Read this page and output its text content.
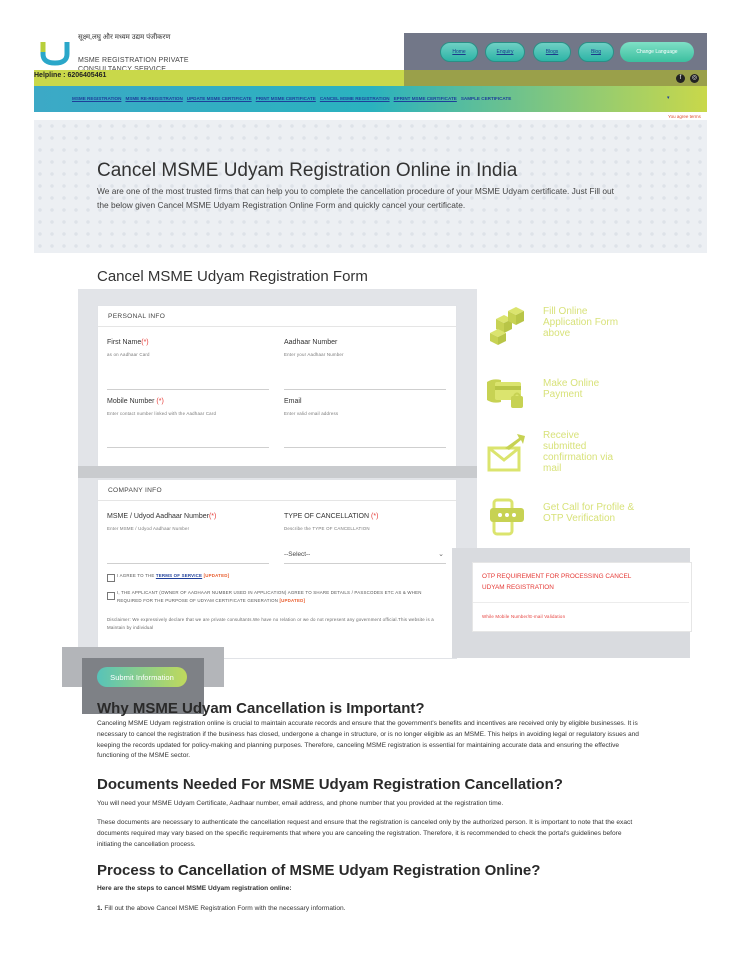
सूक्ष्म,लघु और मध्यम उद्यम पंजीकरण
MSME REGISTRATION PRIVATE
Home	Enquiry	Blogs	Blog	Change Language
Helpline : 6206405461	f	◎
MSME REGISTRATION MSME RE-REGISTRATION UPDATE MSME CERTIFICATE PRINT MSME CERTIFICATE CANCEL MSME REGISTRATION EPRINT MSME CERTIFICATE SAMPLE CERTIFICATE	▾
You agree terms
Cancel MSME Udyam Registration Online in India
We are one of the most trusted firms that can help you to complete the cancellation procedure of your MSME Udyam certificate. Just Fill out the below given Cancel MSME Udyam Registration Online Form and quickly cancel your certificate.
Cancel MSME Udyam Registration Form
PERSONAL INFO
First Name(*)
as on Aadhaar Card
Aadhaar Number
Enter your Aadhaar Number
Mobile Number (*)
Enter contact number linked with the Aadhaar Card
Email
Enter valid email address
COMPANY INFO
MSME / Udyod Aadhaar Number(*)
Enter MSME / Udyod Aadhaar Number
TYPE OF CANCELLATION (*)
Describe the TYPE OF CANCELLATION
--Select--	⌄
I AGREE TO THE TERMS OF SERVICE [UPDATED]
I, THE APPLICANT (OWNER OF AADHAAR NUMBER USED IN APPLICATION) AGREE TO SHARE DETAILS / PASSCODES ETC AS & WHEN REQUIRED FOR THE PURPOSE OF UDYAM CERTIFICATE GENERATION [UPDATED]
Disclaimer: We expressively declare that we are private consultants.We have no relation or we do not represent any government official.This website is a Maintain by individual
Fill Online Application Form above
Make Online Payment
Receive submitted confirmation via mail
Get Call for Profile & OTP Verification
OTP REQUIREMENT FOR PROCESSING CANCEL UDYAM REGISTRATION
While Mobile Number/E-mail Validation
Submit Information
Why MSME Udyam Cancellation is Important?
Canceling MSME Udyam registration online is crucial to maintain accurate records and ensure that the government's benefits and incentives are received only by eligible businesses. It is necessary to cancel the registration if the business has closed, undergone a change in structure, or is no longer eligible as an MSME. This helps in avoiding legal or regulatory issues and keeping the records updated for policy-making and planning purposes. Therefore, canceling MSME registration is essential for maintaining accurate data and ensuring the effective functioning of the MSME sector.
Documents Needed For MSME Udyam Registration Cancellation?
You will need your MSME Udyam Certificate, Aadhaar number, email address, and phone number that you provided at the registration time.
These documents are necessary to authenticate the cancellation request and ensure that the registration is canceled only by the authorized person. It is important to note that the exact documents required may vary based on the specific requirements that where you are canceling the registration. Therefore, it is recommended to check the portal's guidelines before initiating the cancellation process.
Process to Cancellation of MSME Udyam Registration Online?
Here are the steps to cancel MSME Udyam registration online:
1. Fill out the above Cancel MSME Registration Form with the necessary information.
